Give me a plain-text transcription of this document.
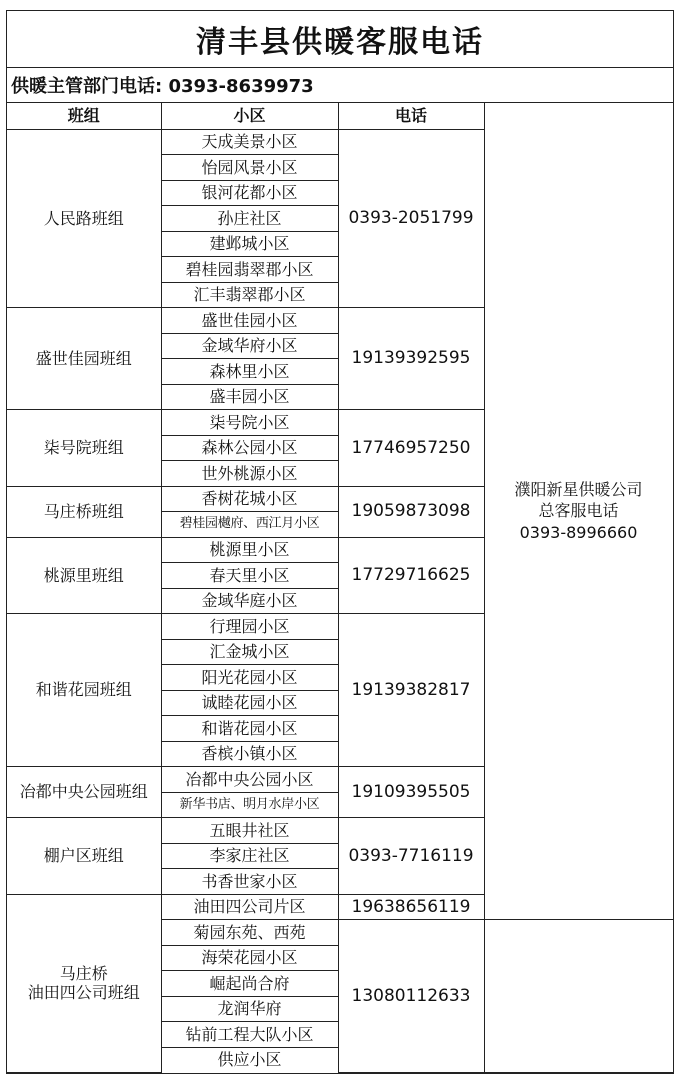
清丰县供暖客服电话
供暖主管部门电话: 0393-8639973
班组	小区	电话	濮阳新星供暖公司
总客服电话
0393-8996660	

人民路班组	天成美景小区	0393-2051799		
	怡园风景小区			
	银河花都小区			
	孙庄社区			
	建邺城小区			
	碧桂园翡翠郡小区			
	汇丰翡翠郡小区			
盛世佳园班组	盛世佳园小区	19139392595		
	金域华府小区			
	森林里小区			
	盛丰园小区			
柒号院班组	柒号院小区	17746957250		
	森林公园小区			
	世外桃源小区			
马庄桥班组	香树花城小区	19059873098		
	碧桂园樾府、西江月小区			
桃源里班组	桃源里小区	17729716625		
	春天里小区			
	金域华庭小区			
和谐花园班组	行理园小区	19139382817		
	汇金城小区			
	阳光花园小区			
	诚睦花园小区			
	和谐花园小区			
	香槟小镇小区			
冶都中央公园班组	冶都中央公园小区	19109395505		
	新华书店、明月水岸小区			
棚户区班组	五眼井社区	0393-7716119		
	李家庄社区			
	书香世家小区			

马庄桥
油田四公司班组	油田四公司片区	19638656119		
	菊园东苑、西苑	13080112633		
	海荣花园小区			
	崛起尚合府			
	龙润华府			
	钻前工程大队小区			
	供应小区			
